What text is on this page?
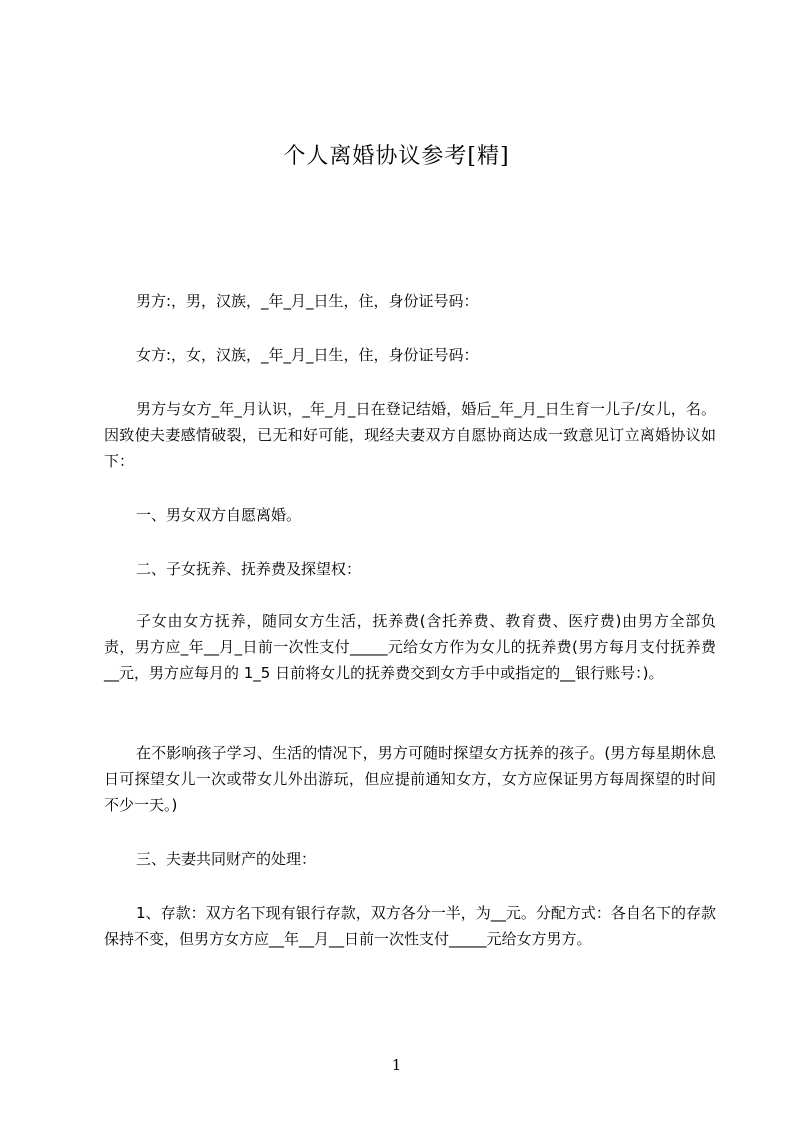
个人离婚协议参考[精]

男方:，男，汉族，_年_月_日生，住，身份证号码：

女方:，女，汉族，_年_月_日生，住，身份证号码：

男方与女方_年_月认识，_年_月_日在登记结婚，婚后_年_月_日生育一儿子/女儿，名。因致使夫妻感情破裂，已无和好可能，现经夫妻双方自愿协商达成一致意见订立离婚协议如下：

一、男女双方自愿离婚。

二、子女抚养、抚养费及探望权：

子女由女方抚养，随同女方生活，抚养费(含托养费、教育费、医疗费)由男方全部负责，男方应_年__月_日前一次性支付_____元给女方作为女儿的抚养费(男方每月支付抚养费__元，男方应每月的 1_5 日前将女儿的抚养费交到女方手中或指定的__银行账号：)。

在不影响孩子学习、生活的情况下，男方可随时探望女方抚养的孩子。(男方每星期休息日可探望女儿一次或带女儿外出游玩，但应提前通知女方，女方应保证男方每周探望的时间不少一天。)

三、夫妻共同财产的处理：

1、存款：双方名下现有银行存款，双方各分一半，为__元。分配方式：各自名下的存款保持不变，但男方女方应__年__月__日前一次性支付_____元给女方男方。

1
